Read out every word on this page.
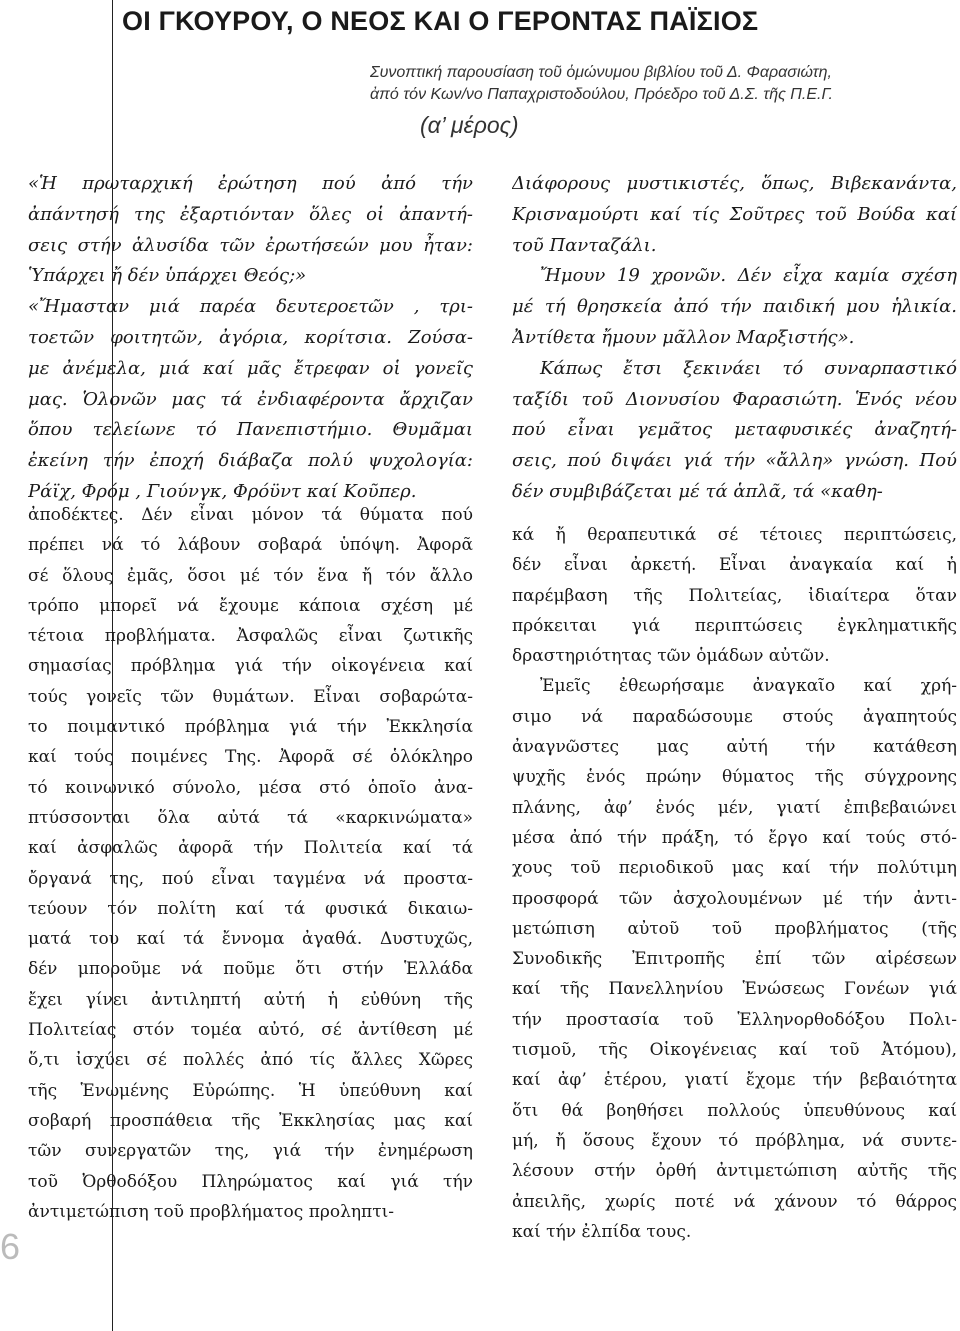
ΟΙ ΓΚΟΥΡΟΥ, Ο ΝΕΟΣ ΚΑΙ Ο ΓΕΡΟΝΤΑΣ ΠΑΪΣΙΟΣ
Συνοπτική παρουσίαση τοῦ ὁμώνυμου βιβλίου τοῦ Δ. Φαρασιώτη,
ἀπό τόν Κων/νο Παπαχριστοδούλου, Πρόεδρο τοῦ Δ.Σ. τῆς Π.Ε.Γ.
(α’ μέρος)
«Ἡ πρωταρχική ἐρώτηση πού ἀπό τήν
ἀπάντησή της ἐξαρτιόνταν ὅλες οἱ ἀπαντή-
σεις στήν ἁλυσίδα τῶν ἐρωτήσεών μου ἦταν:
Ὑπάρχει ἤ δέν ὑπάρχει Θεός;»
«Ἤμασταν μιά παρέα δευτεροετῶν , τρι-
τοετῶν φοιτητῶν, ἀγόρια, κορίτσια. Ζούσα-
με ἀνέμελα, μιά καί μᾶς ἔτρεφαν οἱ γονεῖς
μας. Ὁλονῶν μας τά ἐνδιαφέροντα ἄρχιζαν
ὅπου τελείωνε τό Πανεπιστήμιο. Θυμᾶμαι
ἐκείνη τήν ἐποχή διάβαζα πολύ ψυχολογία:
Ράϊχ, Φρόμ , Γιούνγκ, Φρόϋντ καί Κοῦπερ.
Διάφορους μυστικιστές, ὅπως, Βιβεκανάντα,
Κρισναμούρτι καί τίς Σοῦτρες τοῦ Βούδα καί
τοῦ Πανταζάλι.
Ἤμουν 19 χρονῶν. Δέν εἶχα καμία σχέση
μέ τή θρησκεία ἀπό τήν παιδική μου ἡλικία.
Ἀντίθετα ἤμουν μᾶλλον Μαρξιστής».
Κάπως ἔτσι ξεκινάει τό συναρπαστικό
ταξίδι τοῦ Διονυσίου Φαρασιώτη. Ἑνός νέου
πού εἶναι γεμᾶτος μεταφυσικές ἀναζητή-
σεις, πού διψάει γιά τήν «ἄλλη» γνώση. Πού
δέν συμβιβάζεται μέ τά ἁπλᾶ, τά «καθη-
ἀποδέκτες. Δέν εἶναι μόνον τά θύματα πού
πρέπει νά τό λάβουν σοβαρά ὑπόψη. Ἀφορᾶ
σέ ὅλους ἐμᾶς, ὅσοι μέ τόν ἕνα ἤ τόν ἄλλο
τρόπο μπορεῖ νά ἔχουμε κάποια σχέση μέ
τέτοια προβλήματα. Ἀσφαλῶς εἶναι ζωτικῆς
σημασίας πρόβλημα γιά τήν οἰκογένεια καί
τούς γονεῖς τῶν θυμάτων. Εἶναι σοβαρώτα-
το ποιμαντικό πρόβλημα γιά τήν Ἐκκλησία
καί τούς ποιμένες Της. Ἀφορᾶ σέ ὁλόκληρο
τό κοινωνικό σύνολο, μέσα στό ὁποῖο ἀνα-
πτύσσονται ὅλα αὐτά τά «καρκινώματα»
καί ἀσφαλῶς ἀφορᾶ τήν Πολιτεία καί τά
ὄργανά της, πού εἶναι ταγμένα νά προστα-
τεύουν τόν πολίτη καί τά φυσικά δικαιω-
ματά του καί τά ἔννομα ἀγαθά. Δυστυχῶς,
δέν μποροῦμε νά ποῦμε ὅτι στήν Ἑλλάδα
ἔχει γίνει ἀντιληπτή αὐτή ἡ εὐθύνη τῆς
Πολιτείας στόν τομέα αὐτό, σέ ἀντίθεση μέ
ὅ,τι ἰσχύει σέ πολλές ἀπό τίς ἄλλες Χῶρες
τῆς Ἑνωμένης Εὐρώπης. Ἡ ὑπεύθυνη καί
σοβαρή προσπάθεια τῆς Ἐκκλησίας μας καί
τῶν συνεργατῶν της, γιά τήν ἐνημέρωση
τοῦ Ὀρθοδόξου Πληρώματος καί γιά τήν
ἀντιμετώπιση τοῦ προβλήματος προληπτι-
κά ἤ θεραπευτικά σέ τέτοιες περιπτώσεις,
δέν εἶναι ἀρκετή. Εἶναι ἀναγκαία καί ἡ
παρέμβαση τῆς Πολιτείας, ἰδιαίτερα ὅταν
πρόκειται γιά περιπτώσεις ἐγκληματικῆς
δραστηριότητας τῶν ὁμάδων αὐτῶν.
Ἐμεῖς ἐθεωρήσαμε ἀναγκαῖο καί χρή-
σιμο νά παραδώσουμε στούς ἀγαπητούς
ἀναγνῶστες μας αὐτή τήν κατάθεση
ψυχῆς ἑνός πρώην θύματος τῆς σύγχρονης
πλάνης, ἀφ’ ἑνός μέν, γιατί ἐπιβεβαιώνει
μέσα ἀπό τήν πράξη, τό ἔργο καί τούς στό-
χους τοῦ περιοδικοῦ μας καί τήν πολύτιμη
προσφορά τῶν ἀσχολουμένων μέ τήν ἀντι-
μετώπιση αὐτοῦ τοῦ προβλήματος (τῆς
Συνοδικῆς Ἐπιτροπῆς ἐπί τῶν αἱρέσεων
καί τῆς Πανελληνίου Ἑνώσεως Γονέων γιά
τήν προστασία τοῦ Ἑλληνορθοδόξου Πολι-
τισμοῦ, τῆς Οἰκογένειας καί τοῦ Ἀτόμου),
καί ἀφ’ ἑτέρου, γιατί ἔχομε τήν βεβαιότητα
ὅτι θά βοηθήσει πολλούς ὑπευθύνους καί
μή, ἤ ὅσους ἔχουν τό πρόβλημα, νά συντε-
λέσουν στήν ὀρθή ἀντιμετώπιση αὐτῆς τῆς
ἀπειλῆς, χωρίς ποτέ νά χάνουν τό θάρρος
καί τήν ἐλπίδα τους.
6
